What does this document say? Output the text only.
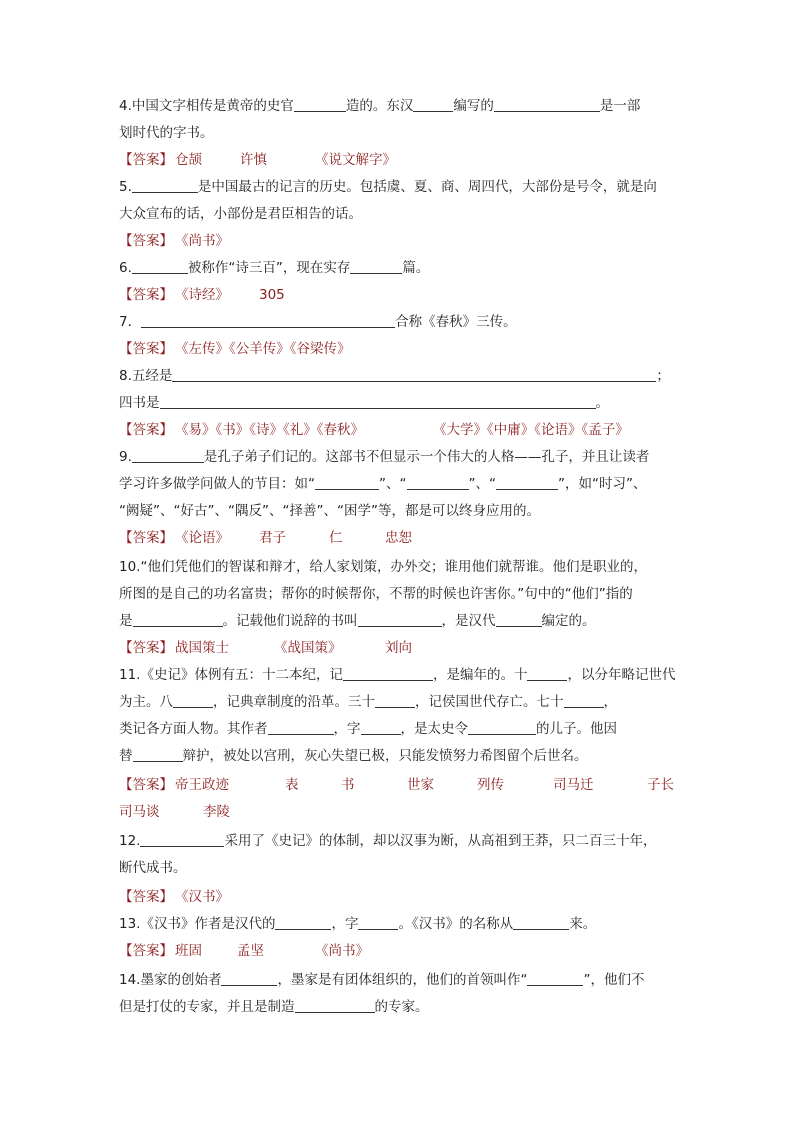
4.中国文字相传是黄帝的史官	造的。东汉	编写的	是一部
划时代的字书。
【答案】 仓颉	许慎	《说文解字》
5.	是中国最古的记言的历史。包括虞、夏、商、周四代，大部份是号令，就是向
大众宣布的话，小部份是君臣相告的话。
【答案】 《尚书》
6.	被称作“诗三百”，现在实存	篇。
【答案】 《诗经》 305
7．	合称《春秋》三传。
【答案】 《左传》《公羊传》《谷梁传》
8.五经是	；
四书是	。
【答案】 《易》《书》《诗》《礼》《春秋》	《大学》《中庸》《论语》《孟子》
9.	是孔子弟子们记的。这部书不但显示一个伟大的人格——孔子，并且让读者
学习许多做学问做人的节目：如“	”、“	”、“	”，如“时习”、
“阙疑”、“好古”、“隅反”、“择善”、“困学”等，都是可以终身应用的。
【答案】 《论语》 君子	仁	忠恕
10.“他们凭他们的智谋和辩才，给人家划策，办外交；谁用他们就帮谁。他们是职业的，
所图的是自己的功名富贵；帮你的时候帮你，不帮的时候也许害你。”句中的“他们”指的
是	。记载他们说辞的书叫	，是汉代	编定的。
【答案】 战国策士	《战国策》	刘向
11.《史记》体例有五：十二本纪，记	，是编年的。十	，以分年略记世代
为主。八	，记典章制度的沿革。三十	，记侯国世代存亡。七十	，
类记各方面人物。其作者	，字	，是太史令	的儿子。他因
替	辩护，被处以宫刑，灰心失望已极，只能发愤努力希图留个后世名。
【答案】 帝王政迹	表	书	世家	列传	司马迁	子长
司马谈	李陵
12.	采用了《史记》的体制，却以汉事为断，从高祖到王莽，只二百三十年，
断代成书。
【答案】 《汉书》
13.《汉书》作者是汉代的	，字	。《汉书》的名称从	来。
【答案】 班固	孟坚	《尚书》
14.墨家的创始者	，墨家是有团体组织的，他们的首领叫作“	”，他们不
但是打仗的专家，并且是制造	的专家。
